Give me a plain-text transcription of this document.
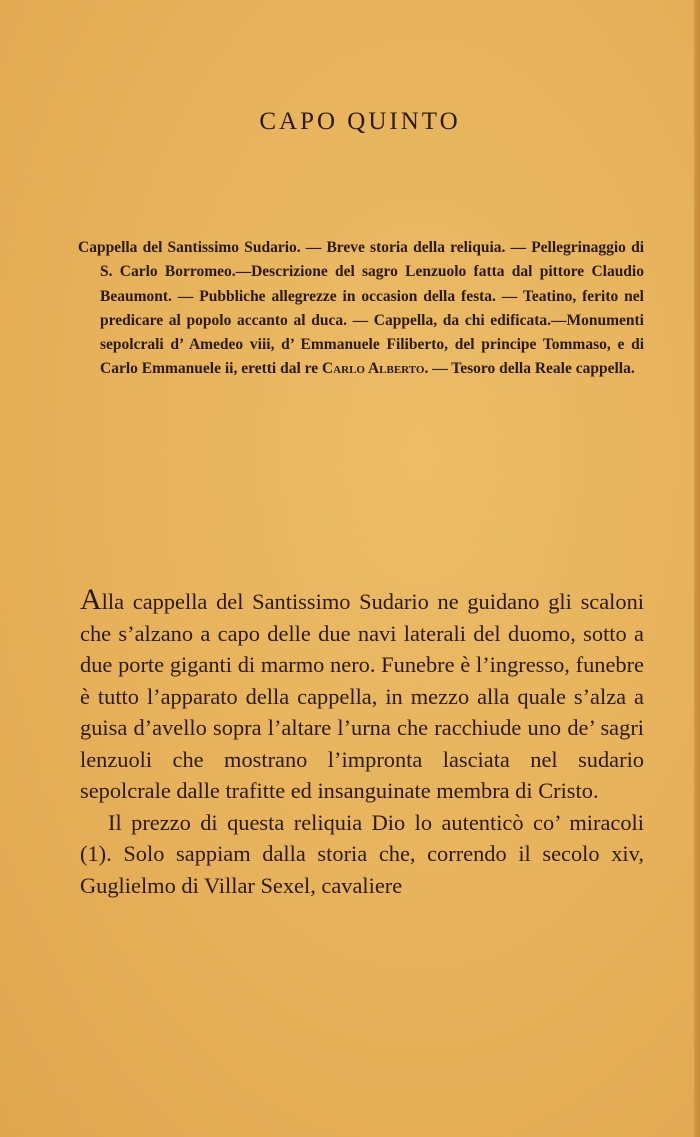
CAPO QUINTO

Cappella del Santissimo Sudario. — Breve storia della reliquia. — Pellegrinaggio di S. Carlo Borromeo.—Descrizione del sagro Lenzuolo fatta dal pittore Claudio Beaumont. — Pubbliche allegrezze in occasion della festa. — Teatino, ferito nel predicare al popolo accanto al duca. — Cappella, da chi edificata.—Monumenti sepolcrali d’ Amedeo viii, d’ Emmanuele Filiberto, del principe Tommaso, e di Carlo Emmanuele ii, eretti dal re Carlo Alberto. — Tesoro della Reale cappella.

Alla cappella del Santissimo Sudario ne guidano gli scaloni che s’alzano a capo delle due navi laterali del duomo, sotto a due porte giganti di marmo nero. Funebre è l’ingresso, funebre è tutto l’apparato della cappella, in mezzo alla quale s’alza a guisa d’avello sopra l’altare l’urna che racchiude uno de’ sagri lenzuoli che mostrano l’impronta lasciata nel sudario sepolcrale dalle trafitte ed insanguinate membra di Cristo.

Il prezzo di questa reliquia Dio lo autenticò co’ miracoli (1). Solo sappiam dalla storia che, correndo il secolo xiv, Guglielmo di Villar Sexel, cavaliere
